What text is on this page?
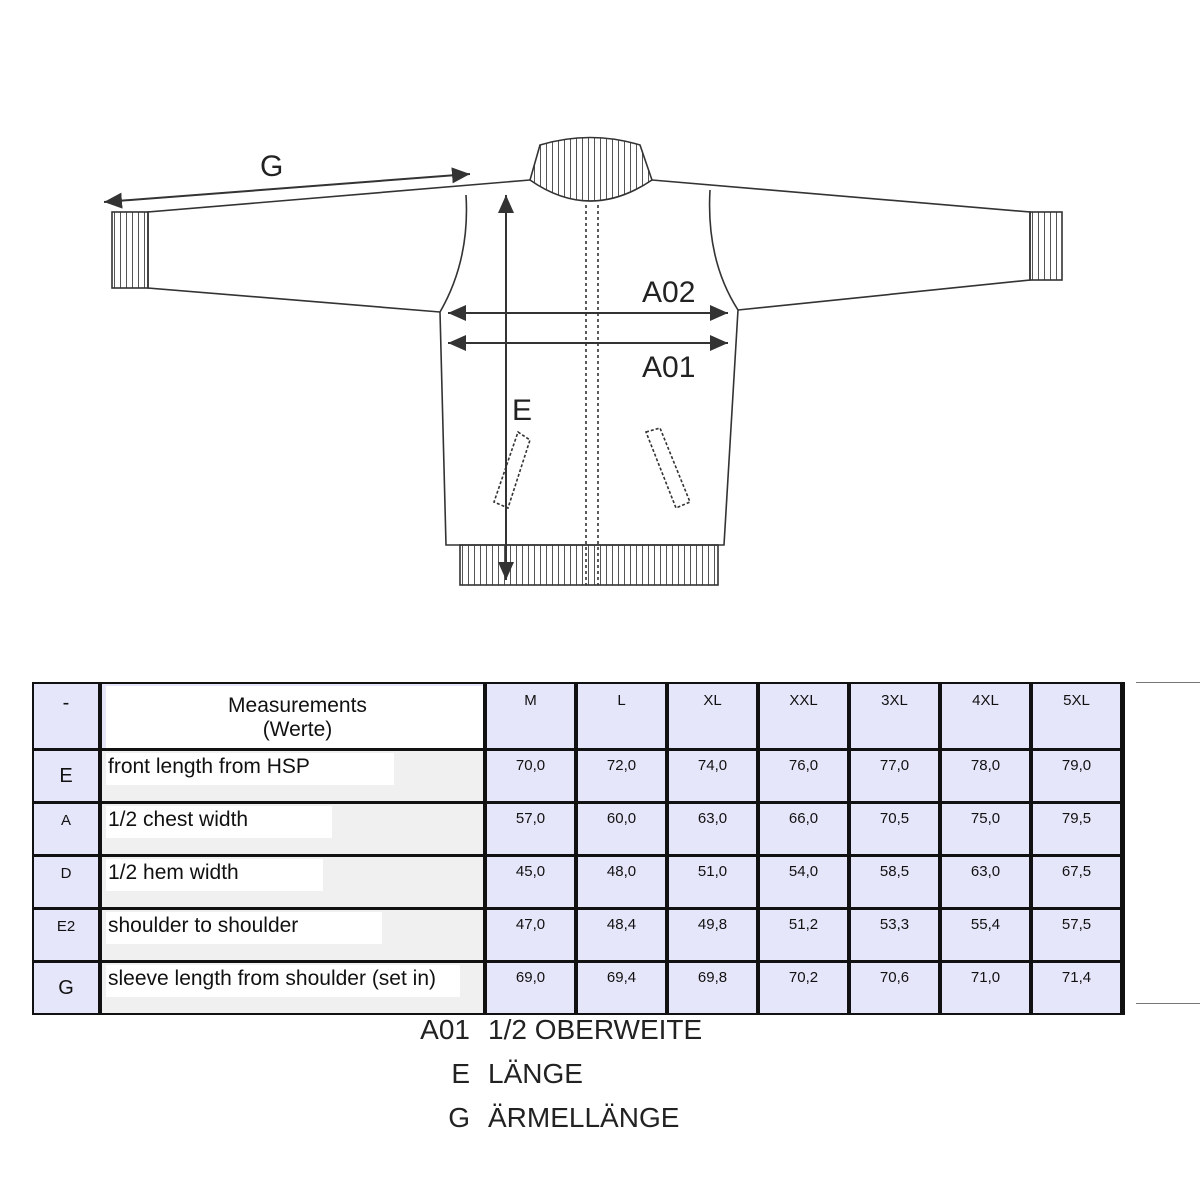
G
A02
A01
E
-	Measurements (Werte)	M	L	XL	XXL	3XL	4XL	5XL

E	front length from HSP	70,0	72,0	74,0	76,0	77,0	78,0	79,0

A	1/2 chest width	57,0	60,0	63,0	66,0	70,5	75,0	79,5

D	1/2 hem width	45,0	48,0	51,0	54,0	58,5	63,0	67,5

E2	shoulder to shoulder	47,0	48,4	49,8	51,2	53,3	55,4	57,5

G	sleeve length from shoulder (set in)	69,0	69,4	69,8	70,2	70,6	71,0	71,4
A01 1/2 OBERWEITE
E LÄNGE
G ÄRMELLÄNGE
